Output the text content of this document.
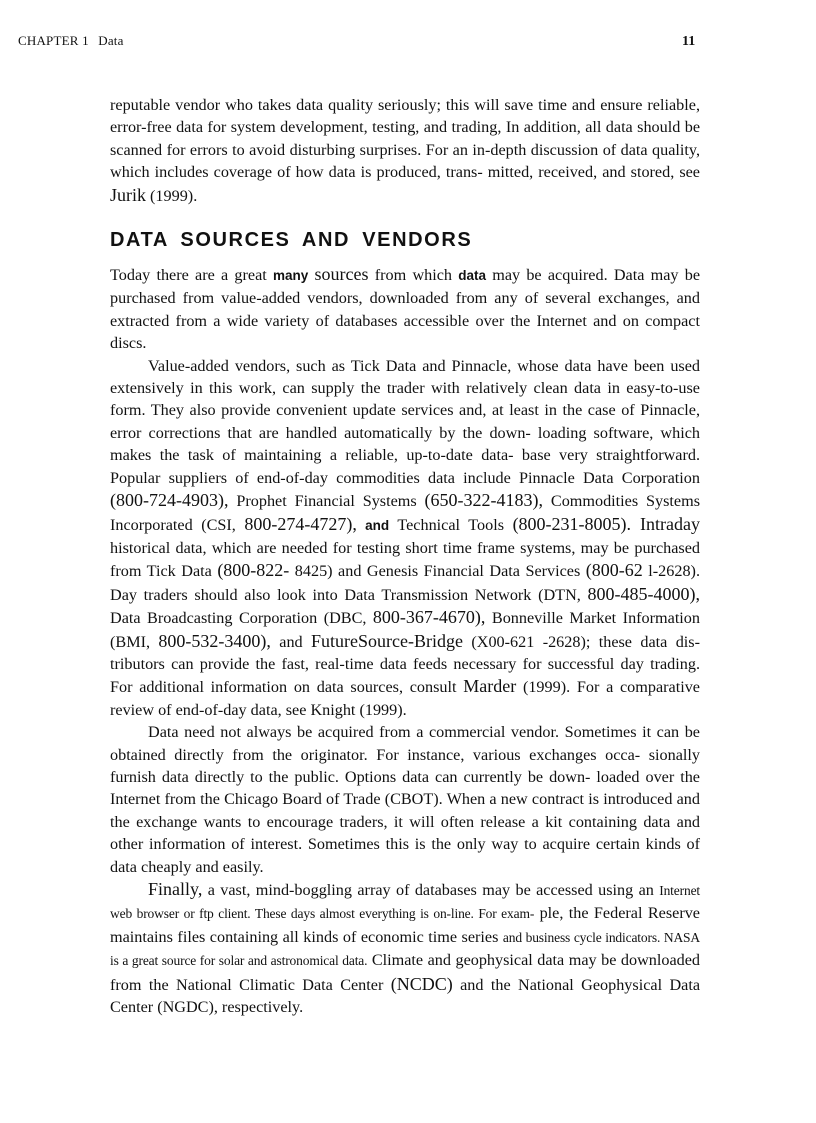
CHAPTER 1 Data	11

reputable vendor who takes data quality seriously; this will save time and ensure reliable, error-free data for system development, testing, and trading, In addition, all data should be scanned for errors to avoid disturbing surprises. For an in-depth discussion of data quality, which includes coverage of how data is produced, trans- mitted, received, and stored, see Jurik (1999).

DATA SOURCES AND VENDORS

Today there are a great many sources from which data may be acquired. Data may be purchased from value-added vendors, downloaded from any of several exchanges, and extracted from a wide variety of databases accessible over the Internet and on compact discs.

Value-added vendors, such as Tick Data and Pinnacle, whose data have been used extensively in this work, can supply the trader with relatively clean data in easy-to-use form. They also provide convenient update services and, at least in the case of Pinnacle, error corrections that are handled automatically by the down- loading software, which makes the task of maintaining a reliable, up-to-date data- base very straightforward. Popular suppliers of end-of-day commodities data include Pinnacle Data Corporation (800-724-4903), Prophet Financial Systems (650-322-4183), Commodities Systems Incorporated (CSI, 800-274-4727), and Technical Tools (800-231-8005). Intraday historical data, which are needed for testing short time frame systems, may be purchased from Tick Data (800-822- 8425) and Genesis Financial Data Services (800-62 l-2628). Day traders should also look into Data Transmission Network (DTN, 800-485-4000), Data Broadcasting Corporation (DBC, 800-367-4670), Bonneville Market Information (BMI, 800-532-3400), and FutureSource-Bridge (X00-621 -2628); these data dis- tributors can provide the fast, real-time data feeds necessary for successful day trading. For additional information on data sources, consult Marder (1999). For a comparative review of end-of-day data, see Knight (1999).

Data need not always be acquired from a commercial vendor. Sometimes it can be obtained directly from the originator. For instance, various exchanges occa- sionally furnish data directly to the public. Options data can currently be down- loaded over the Internet from the Chicago Board of Trade (CBOT). When a new contract is introduced and the exchange wants to encourage traders, it will often release a kit containing data and other information of interest. Sometimes this is the only way to acquire certain kinds of data cheaply and easily.

Finally, a vast, mind-boggling array of databases may be accessed using an Internet web browser or ftp client. These days almost everything is on-line. For exam- ple, the Federal Reserve maintains files containing all kinds of economic time series and business cycle indicators. NASA is a great source for solar and astronomical data. Climate and geophysical data may be downloaded from the National Climatic Data Center (NCDC) and the National Geophysical Data Center (NGDC), respectively.
